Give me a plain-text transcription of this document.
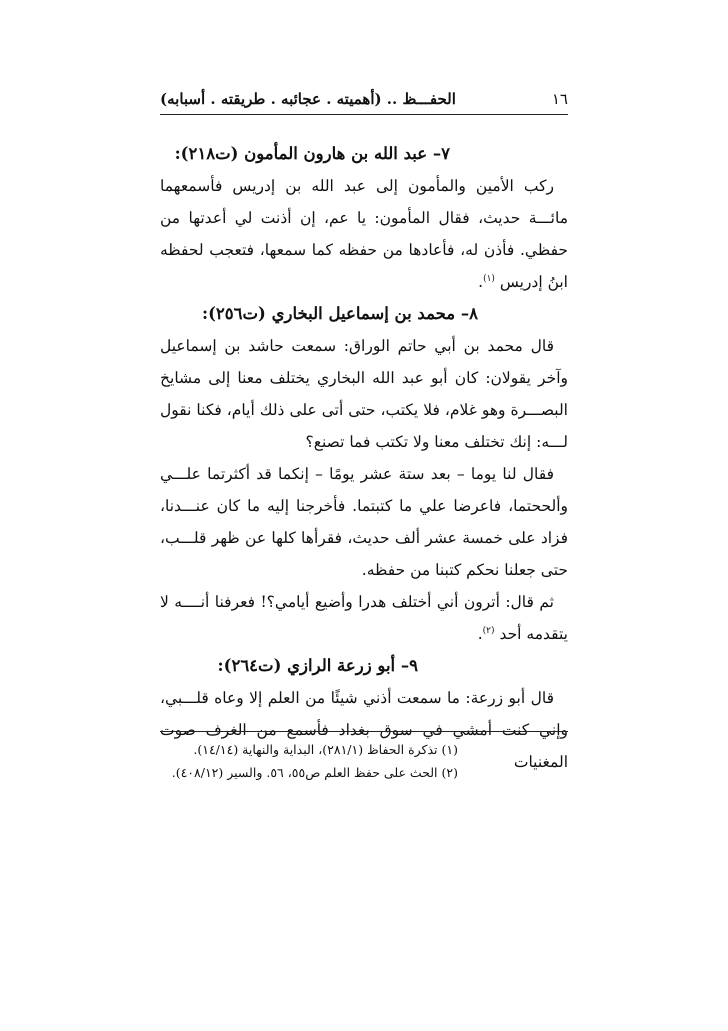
١٦
الحفـــظ .. (أهميته . عجائبه . طريقته . أسبابه)
٧– عبد الله بن هارون المأمون (ت٢١٨):

ركب الأمين والمأمون إلى عبد الله بن إدريس فأسمعهما مائـــة حديث، فقال المأمون: يا عم، إن أذنت لي أعدتها من حفظي. فأذن له، فأعادها من حفظه كما سمعها، فتعجب لحفظه ابنُ إدريس $^{(١)}$.

٨– محمد بن إسماعيل البخاري (ت٢٥٦):

قال محمد بن أبي حاتم الوراق: سمعت حاشد بن إسماعيل وآخر يقولان: كان أبو عبد الله البخاري يختلف معنا إلى مشايخ البصـــرة وهو غلام، فلا يكتب، حتى أتى على ذلك أيام، فكنا نقول لـــه: إنك تختلف معنا ولا تكتب فما تصنع؟

فقال لنا يوما – بعد ستة عشر يومًا – إنكما قد أكثرتما علـــي وألححتما، فاعرضا علي ما كتبتما. فأخرجنا إليه ما كان عنـــدنا، فزاد على خمسة عشر ألف حديث، فقرأها كلها عن ظهر قلـــب، حتى جعلنا نحكم كتبنا من حفظه.

ثم قال: أترون أني أختلف هدرا وأضيع أيامي؟! فعرفنا أنــــه لا يتقدمه أحد $^{(٢)}$.

٩– أبو زرعة الرازي (ت٢٦٤):

قال أبو زرعة: ما سمعت أذني شيئًا من العلم إلا وعاه قلـــبي، وإني كنت أمشي في سوق بغداد فأسمع من الغرف صوت المغنيات

(١) تذكرة الحفاظ (٢٨١/١)، البداية والنهاية (١٤/١٤).
(٢) الحث على حفظ العلم ص٥٥، ٥٦. والسير (٤٠٨/١٢).
